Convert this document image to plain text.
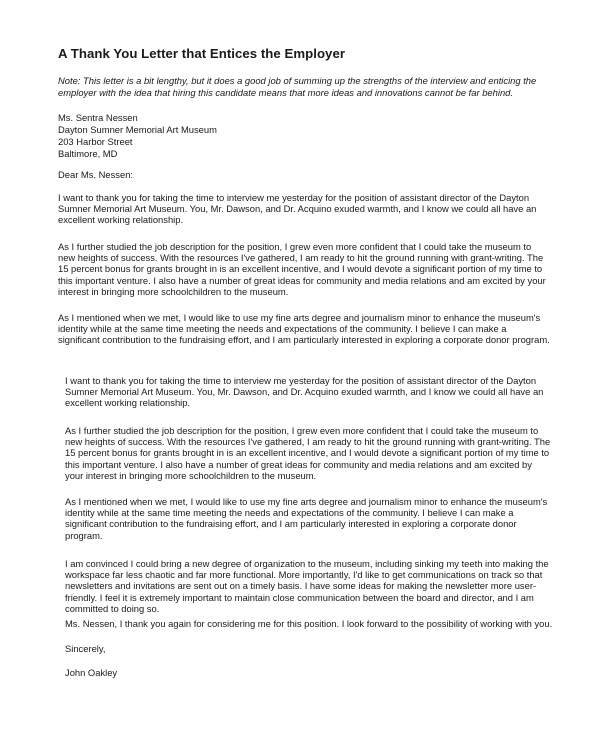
A Thank You Letter that Entices the Employer

Note: This letter is a bit lengthy, but it does a good job of summing up the strengths of the interview and enticing the employer with the idea that hiring this candidate means that more ideas and innovations cannot be far behind.

Ms. Sentra Nessen
Dayton Sumner Memorial Art Museum
203 Harbor Street
Baltimore, MD

Dear Ms. Nessen:

I want to thank you for taking the time to interview me yesterday for the position of assistant director of the Dayton Sumner Memorial Art Museum. You, Mr. Dawson, and Dr. Acquino exuded warmth, and I know we could all have an excellent working relationship.

As I further studied the job description for the position, I grew even more confident that I could take the museum to new heights of success. With the resources I've gathered, I am ready to hit the ground running with grant-writing. The 15 percent bonus for grants brought in is an excellent incentive, and I would devote a significant portion of my time to this important venture. I also have a number of great ideas for community and media relations and am excited by your interest in bringing more schoolchildren to the museum.

As I mentioned when we met, I would like to use my fine arts degree and journalism minor to enhance the museum's identity while at the same time meeting the needs and expectations of the community. I believe I can make a significant contribution to the fundraising effort, and I am particularly interested in exploring a corporate donor program.

I want to thank you for taking the time to interview me yesterday for the position of assistant director of the Dayton Sumner Memorial Art Museum. You, Mr. Dawson, and Dr. Acquino exuded warmth, and I know we could all have an excellent working relationship.

As I further studied the job description for the position, I grew even more confident that I could take the museum to new heights of success. With the resources I've gathered, I am ready to hit the ground running with grant-writing. The 15 percent bonus for grants brought in is an excellent incentive, and I would devote a significant portion of my time to this important venture. I also have a number of great ideas for community and media relations and am excited by your interest in bringing more schoolchildren to the museum.

As I mentioned when we met, I would like to use my fine arts degree and journalism minor to enhance the museum's identity while at the same time meeting the needs and expectations of the community. I believe I can make a significant contribution to the fundraising effort, and I am particularly interested in exploring a corporate donor program.

I am convinced I could bring a new degree of organization to the museum, including sinking my teeth into making the workspace far less chaotic and far more functional. More importantly, I'd like to get communications on track so that newsletters and invitations are sent out on a timely basis. I have some ideas for making the newsletter more user-friendly. I feel it is extremely important to maintain close communication between the board and director, and I am committed to doing so.

Ms. Nessen, I thank you again for considering me for this position. I look forward to the possibility of working with you.

Sincerely,

John Oakley
